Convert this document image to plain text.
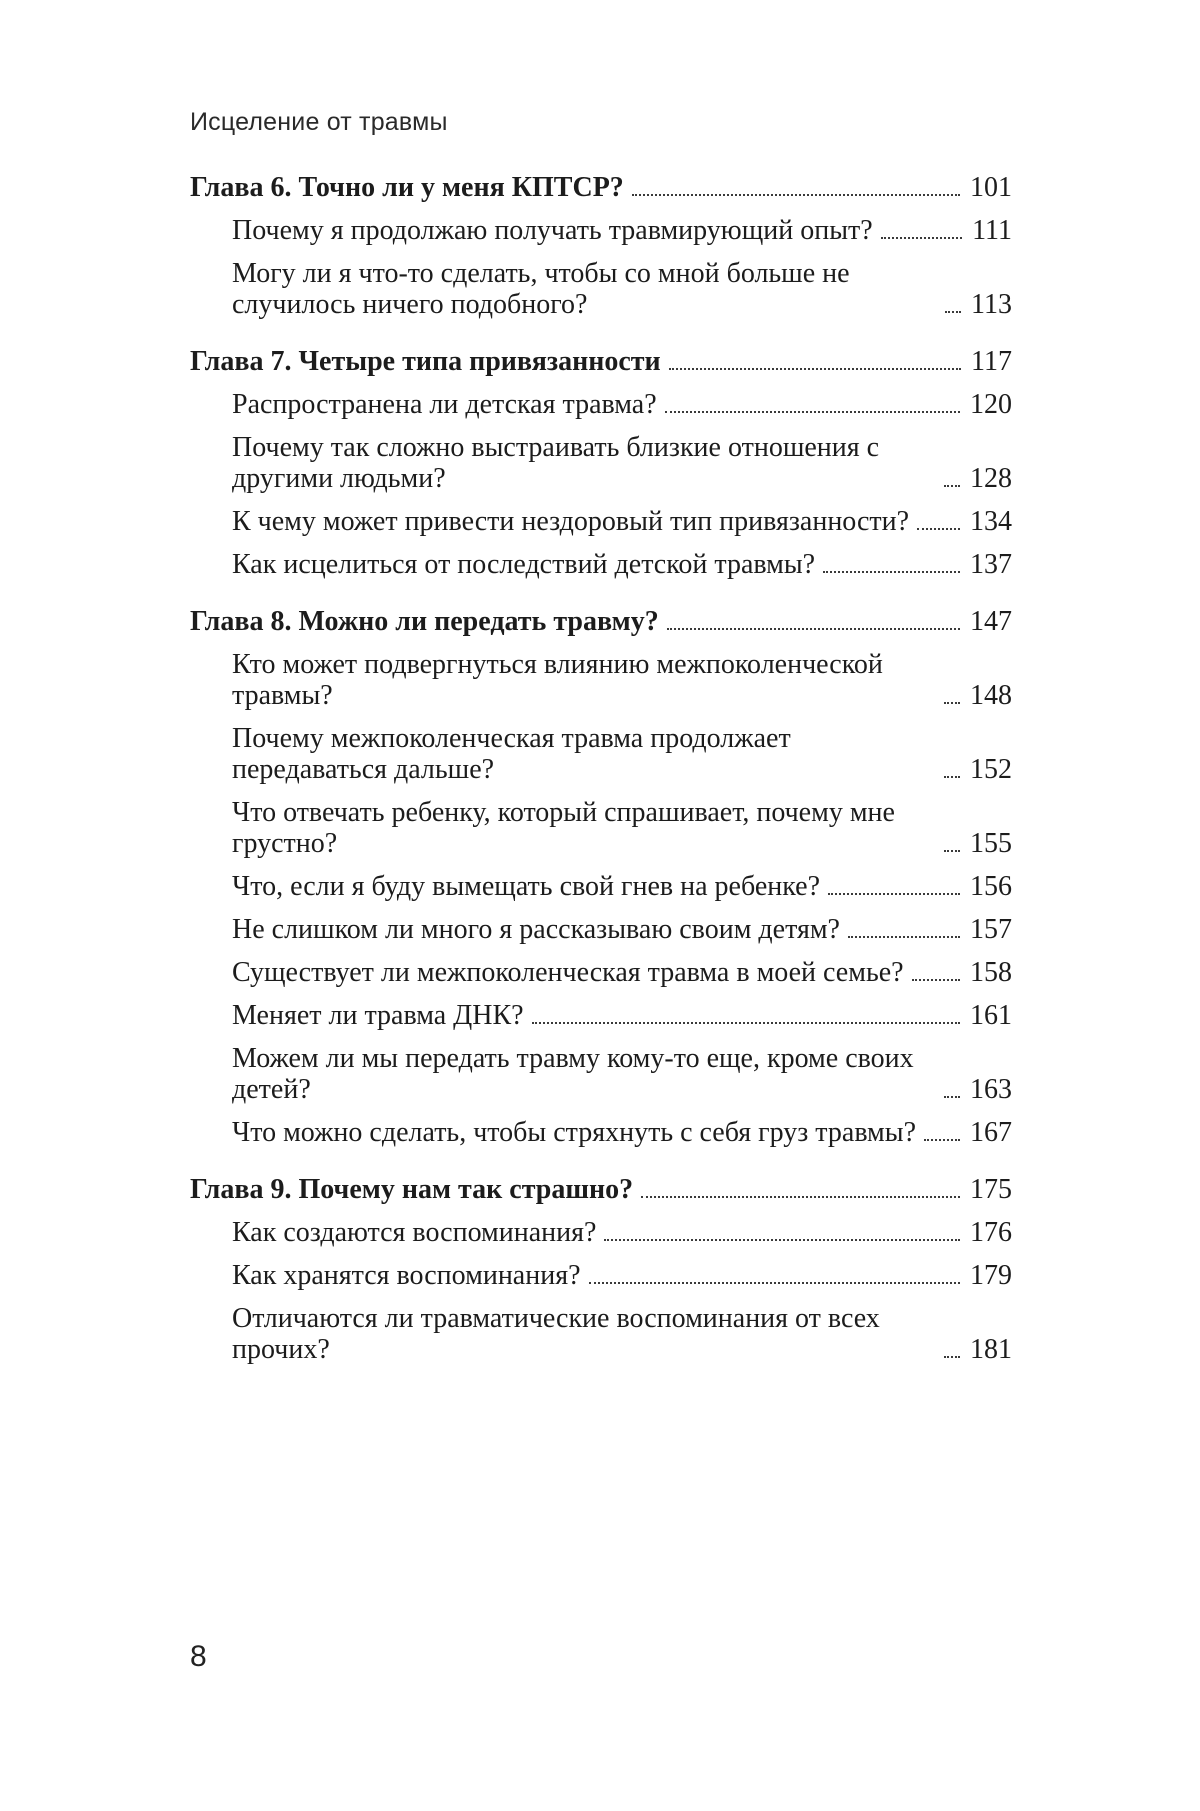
Исцеление от травмы
Глава 6. Точно ли у меня КПТСР?	101
Почему я продолжаю получать травмирующий опыт?	111
Могу ли я что-то сделать, чтобы со мной больше не случилось ничего подобного?	113
Глава 7. Четыре типа привязанности	117
Распространена ли детская травма?	120
Почему так сложно выстраивать близкие отношения с другими людьми?	128
К чему может привести нездоровый тип привязанности? 134
Как исцелиться от последствий детской травмы?	137
Глава 8. Можно ли передать травму?	147
Кто может подвергнуться влиянию межпоколенческой травмы?	148
Почему межпоколенческая травма продолжает передаваться дальше?	152
Что отвечать ребенку, который спрашивает, почему мне грустно?	155
Что, если я буду вымещать свой гнев на ребенке?	156
Не слишком ли много я рассказываю своим детям?	157
Существует ли межпоколенческая травма в моей семье? 158
Меняет ли травма ДНК?	161
Можем ли мы передать травму кому-то еще, кроме своих детей?	163
Что можно сделать, чтобы стряхнуть с себя груз травмы? 167
Глава 9. Почему нам так страшно?	175
Как создаются воспоминания?	176
Как хранятся воспоминания?	179
Отличаются ли травматические воспоминания от всех прочих?	181
8
